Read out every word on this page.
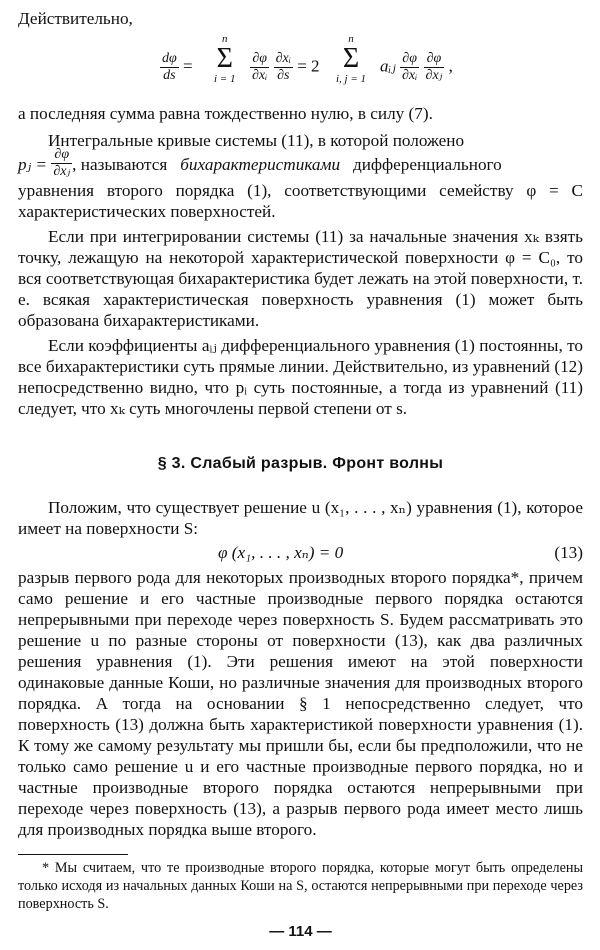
Действительно,

$\frac{d\varphi}{ds}$ =
n
Σ
$i = 1 \frac{\partial\varphi}{\text{∂xᵢ}}$
$\frac{\text{∂xᵢ}}{\partial s} = 2$
n
Σ
i, j = 1
aᵢⱼ $\frac{\partial\varphi}{\text{∂xᵢ}}$
$\frac{\partial\varphi}{\text{∂xⱼ}}$ ,

а последняя сумма равна тождественно нулю, в силу (7).

Интегральные кривые системы (11), в которой положено

pⱼ = $\frac{\partial\varphi}{\text{∂xⱼ}}$ , называются бихарактеристиками дифференциального

уравнения второго порядка (1), соответствующими семейству φ = C характеристических поверхностей.

Если при интегрировании системы (11) за начальные значения xₖ взять точку, лежащую на некоторой характеристической поверхности φ = C₀, то вся соответствующая бихарактеристика будет лежать на этой поверхности, т. е. всякая характеристическая поверхность уравнения (1) может быть образована бихарактеристиками.

Если коэффициенты aᵢⱼ дифференциального уравнения (1) постоянны, то все бихарактеристики суть прямые линии. Действительно, из уравнений (12) непосредственно видно, что pᵢ суть постоянные, а тогда из уравнений (11) следует, что xₖ суть многочлены первой степени от s.

§ 3. Слабый разрыв. Фронт волны

Положим, что существует решение u (x₁, . . . , xₙ) уравнения (1), которое имеет на поверхности S:

φ (x₁, . . . , xₙ) = 0	(13)

разрыв первого рода для некоторых производных второго порядка*, причем само решение и его частные производные первого порядка остаются непрерывными при переходе через поверхность S. Будем рассматривать это решение u по разные стороны от поверхности (13), как два различных решения уравнения (1). Эти решения имеют на этой поверхности одинаковые данные Коши, но различные значения для производных второго порядка. А тогда на основании § 1 непосредственно следует, что поверхность (13) должна быть характеристикой поверхности уравнения (1). К тому же самому результату мы пришли бы, если бы предположили, что не только само решение u и его частные производные первого порядка, но и частные производные второго порядка остаются непрерывными при переходе через поверхность (13), а разрыв первого рода имеет место лишь для производных порядка выше второго.

* Мы считаем, что те производные второго порядка, которые могут быть определены только исходя из начальных данных Коши на S, остаются непрерывными при переходе через поверхность S.

— 114 —
